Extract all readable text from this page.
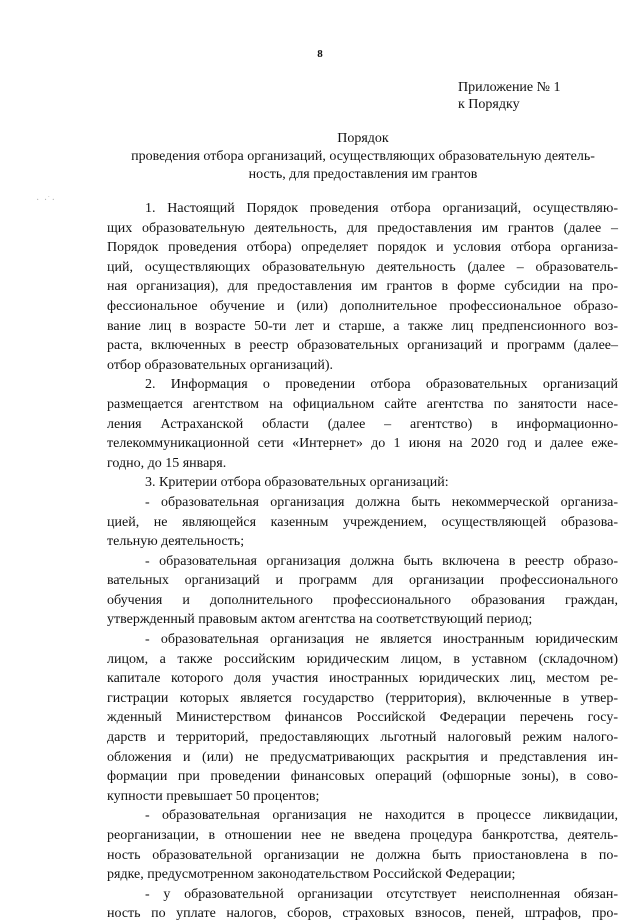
8
Приложение № 1
к Порядку
Порядок
проведения отбора организаций, осуществляющих образовательную деятель-
ность, для предоставления им грантов
· ·͘ ·
1. Настоящий Порядок проведения отбора организаций, осуществляю-
щих образовательную деятельность, для предоставления им грантов (далее –
Порядок проведения отбора) определяет порядок и условия отбора организа-
ций, осуществляющих образовательную деятельность (далее – образователь-
ная организация), для предоставления им грантов в форме субсидии на про-
фессиональное обучение и (или) дополнительное профессиональное образо-
вание лиц в возрасте 50-ти лет и старше, а также лиц предпенсионного воз-
раста, включенных в реестр образовательных организаций и программ (далее–
отбор образовательных организаций).
2. Информация о проведении отбора образовательных организаций
размещается агентством на официальном сайте агентства по занятости насе-
ления Астраханской области (далее – агентство) в информационно-
телекоммуникационной сети «Интернет» до 1 июня на 2020 год и далее еже-
годно, до 15 января.
3. Критерии отбора образовательных организаций:
- образовательная организация должна быть некоммерческой организа-
цией, не являющейся казенным учреждением, осуществляющей образова-
тельную деятельность;
- образовательная организация должна быть включена в реестр образо-
вательных организаций и программ для организации профессионального
обучения и дополнительного профессионального образования граждан,
утвержденный правовым актом агентства на соответствующий период;
- образовательная организация не является иностранным юридическим
лицом, а также российским юридическим лицом, в уставном (складочном)
капитале которого доля участия иностранных юридических лиц, местом ре-
гистрации которых является государство (территория), включенные в утвер-
жденный Министерством финансов Российской Федерации перечень госу-
дарств и территорий, предоставляющих льготный налоговый режим налого-
обложения и (или) не предусматривающих раскрытия и представления ин-
формации при проведении финансовых операций (офшорные зоны), в сово-
купности превышает 50 процентов;
- образовательная организация не находится в процессе ликвидации,
реорганизации, в отношении нее не введена процедура банкротства, деятель-
ность образовательной организации не должна быть приостановлена в по-
рядке, предусмотренном законодательством Российской Федерации;
- у образовательной организации отсутствует неисполненная обязан-
ность по уплате налогов, сборов, страховых взносов, пеней, штрафов, про-
